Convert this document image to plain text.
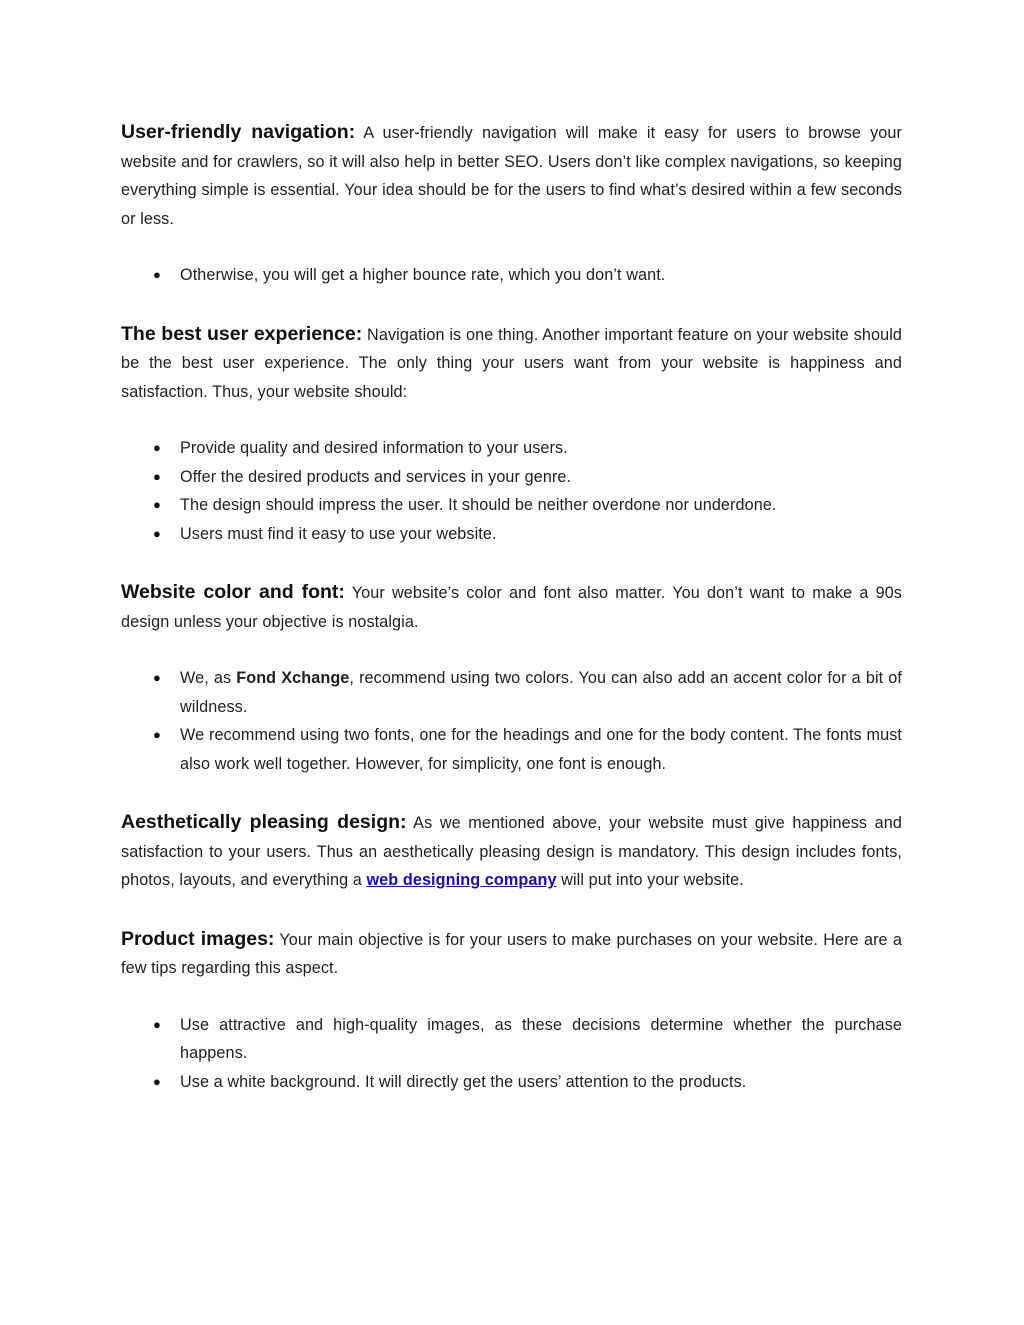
User-friendly navigation: A user-friendly navigation will make it easy for users to browse your website and for crawlers, so it will also help in better SEO. Users don’t like complex navigations, so keeping everything simple is essential. Your idea should be for the users to find what’s desired within a few seconds or less.

● Otherwise, you will get a higher bounce rate, which you don’t want.

The best user experience: Navigation is one thing. Another important feature on your website should be the best user experience. The only thing your users want from your website is happiness and satisfaction. Thus, your website should:

● Provide quality and desired information to your users.
● Offer the desired products and services in your genre.
● The design should impress the user. It should be neither overdone nor underdone.
● Users must find it easy to use your website.

Website color and font: Your website’s color and font also matter. You don’t want to make a 90s design unless your objective is nostalgia.

● We, as Fond Xchange, recommend using two colors. You can also add an accent color for a bit of wildness.
● We recommend using two fonts, one for the headings and one for the body content. The fonts must also work well together. However, for simplicity, one font is enough.

Aesthetically pleasing design: As we mentioned above, your website must give happiness and satisfaction to your users. Thus an aesthetically pleasing design is mandatory. This design includes fonts, photos, layouts, and everything a web designing company will put into your website.

Product images: Your main objective is for your users to make purchases on your website. Here are a few tips regarding this aspect.

● Use attractive and high-quality images, as these decisions determine whether the purchase happens.
● Use a white background. It will directly get the users’ attention to the products.
